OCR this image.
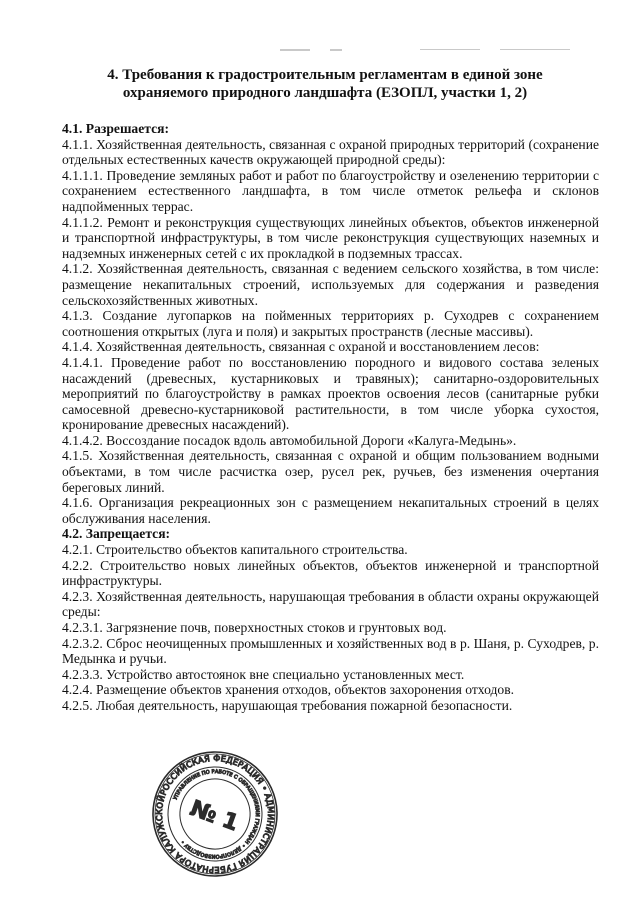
4. Требования к градостроительным регламентам в единой зоне охраняемого природного ландшафта (ЕЗОПЛ, участки 1, 2)

4.1. Разрешается:

4.1.1. Хозяйственная деятельность, связанная с охраной природных территорий (сохранение отдельных естественных качеств окружающей природной среды):

4.1.1.1. Проведение земляных работ и работ по благоустройству и озеленению территории с сохранением естественного ландшафта, в том числе отметок рельефа и склонов надпойменных террас.

4.1.1.2. Ремонт и реконструкция существующих линейных объектов, объектов инженерной и транспортной инфраструктуры, в том числе реконструкция существующих наземных и надземных инженерных сетей с их прокладкой в подземных трассах.

4.1.2. Хозяйственная деятельность, связанная с ведением сельского хозяйства, в том числе: размещение некапитальных строений, используемых для содержания и разведения сельскохозяйственных животных.

4.1.3. Создание лугопарков на пойменных территориях р. Суходрев с сохранением соотношения открытых (луга и поля) и закрытых пространств (лесные массивы).

4.1.4. Хозяйственная деятельность, связанная с охраной и восстановлением лесов:

4.1.4.1. Проведение работ по восстановлению породного и видового состава зеленых насаждений (древесных, кустарниковых и травяных); санитарно-оздоровительных мероприятий по благоустройству в рамках проектов освоения лесов (санитарные рубки самосевной древесно-кустарниковой растительности, в том числе уборка сухостоя, кронирование древесных насаждений).

4.1.4.2. Воссоздание посадок вдоль автомобильной Дороги «Калуга-Медынь».

4.1.5. Хозяйственная деятельность, связанная с охраной и общим пользованием водными объектами, в том числе расчистка озер, русел рек, ручьев, без изменения очертания береговых линий.

4.1.6. Организация рекреационных зон с размещением некапитальных строений в целях обслуживания населения.

4.2. Запрещается:

4.2.1. Строительство объектов капитального строительства.

4.2.2. Строительство новых линейных объектов, объектов инженерной и транспортной инфраструктуры.

4.2.3. Хозяйственная деятельность, нарушающая требования в области охраны окружающей среды:

4.2.3.1. Загрязнение почв, поверхностных стоков и грунтовых вод.

4.2.3.2. Сброс неочищенных промышленных и хозяйственных вод в р. Шаня, р. Суходрев, р. Медынка и ручьи.

4.2.3.3. Устройство автостоянок вне специально установленных мест.

4.2.4. Размещение объектов хранения отходов, объектов захоронения отходов.

4.2.5. Любая деятельность, нарушающая требования пожарной безопасности.

РОССИЙСКАЯ ФЕДЕРАЦИЯ • АДМИНИСТРАЦИЯ ГУБЕРНАТОРА КАЛУЖСКОЙ	УПРАВЛЕНИЕ ПО РАБОТЕ С ОБРАЩЕНИЯМИ ГРАЖДАН • ДЕЛОПРОИЗВОДСТВУ •
№ 1
